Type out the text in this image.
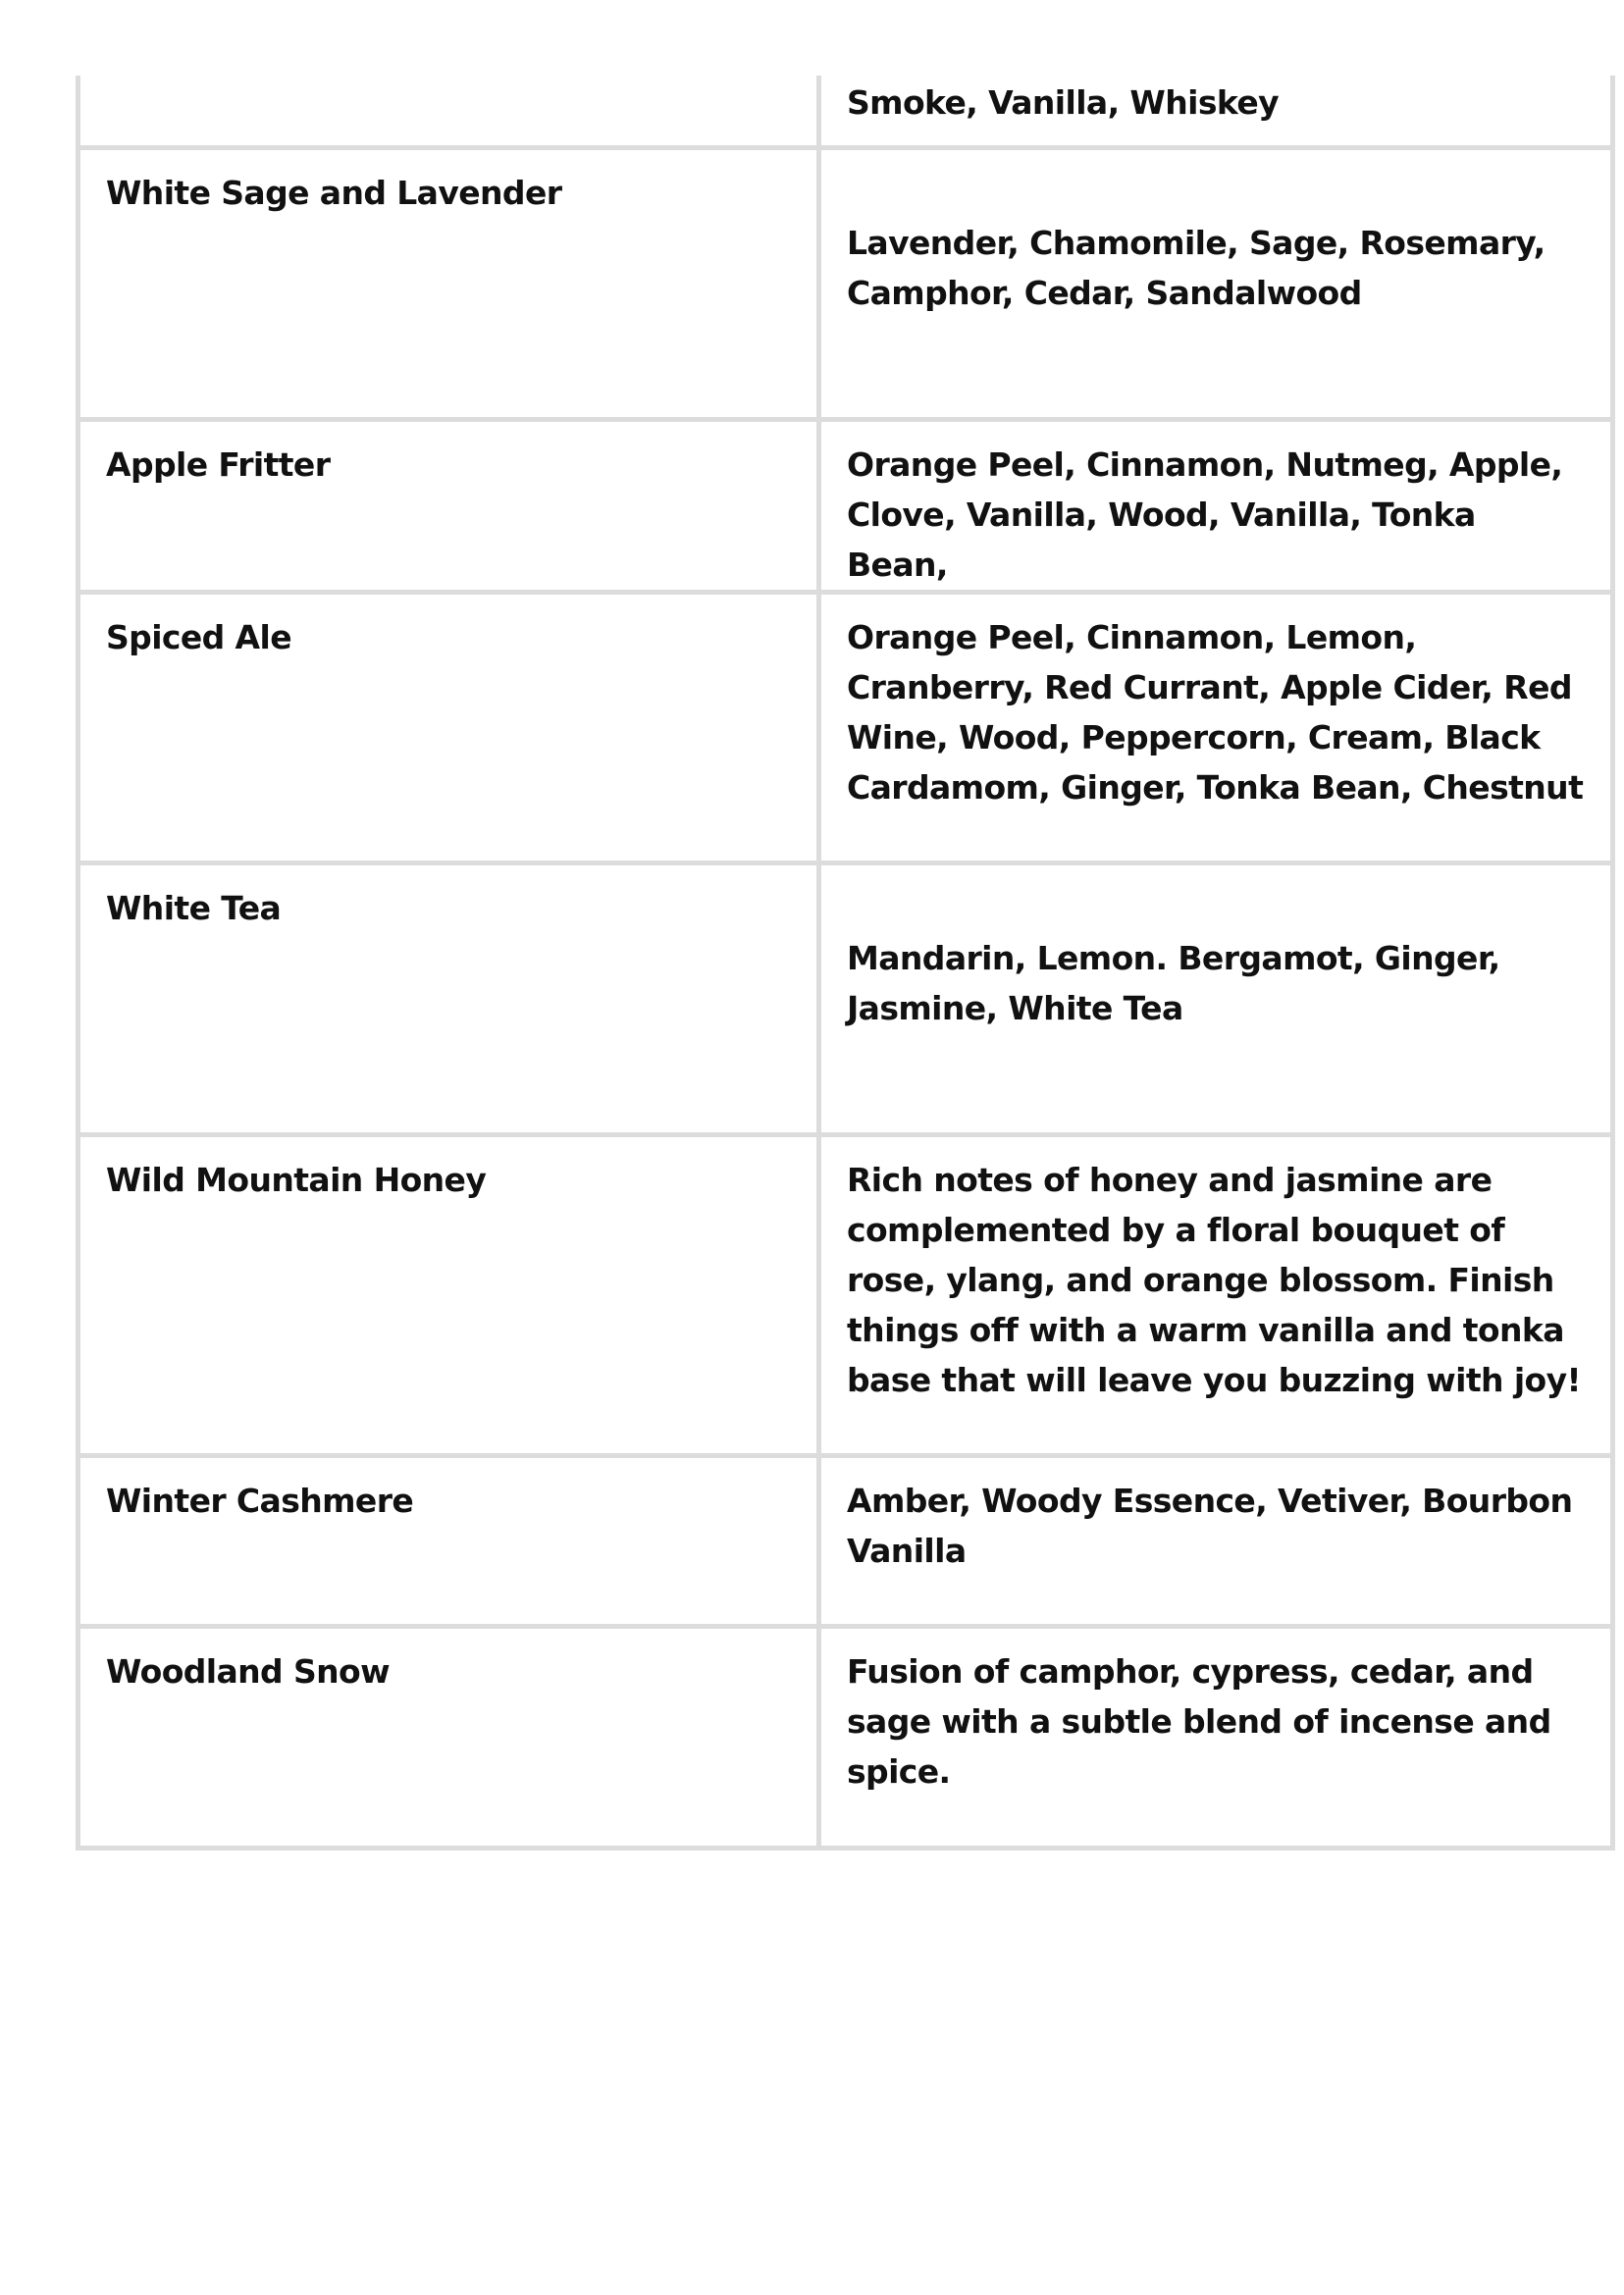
	Smoke, Vanilla, Whiskey

White Sage and Lavender	Lavender, Chamomile, Sage, Rosemary, Camphor, Cedar, Sandalwood

Apple Fritter	Orange Peel, Cinnamon, Nutmeg, Apple, Clove, Vanilla, Wood, Vanilla, Tonka Bean,

Spiced Ale	Orange Peel, Cinnamon, Lemon, Cranberry, Red Currant, Apple Cider, Red Wine, Wood, Peppercorn, Cream, Black Cardamom, Ginger, Tonka Bean, Chestnut

White Tea	Mandarin, Lemon. Bergamot, Ginger, Jasmine, White Tea

Wild Mountain Honey	Rich notes of honey and jasmine are complemented by a floral bouquet of rose, ylang, and orange blossom. Finish things off with a warm vanilla and tonka base that will leave you buzzing with joy!

Winter Cashmere	Amber, Woody Essence, Vetiver, Bourbon Vanilla

Woodland Snow	Fusion of camphor, cypress, cedar, and sage with a subtle blend of incense and spice.
